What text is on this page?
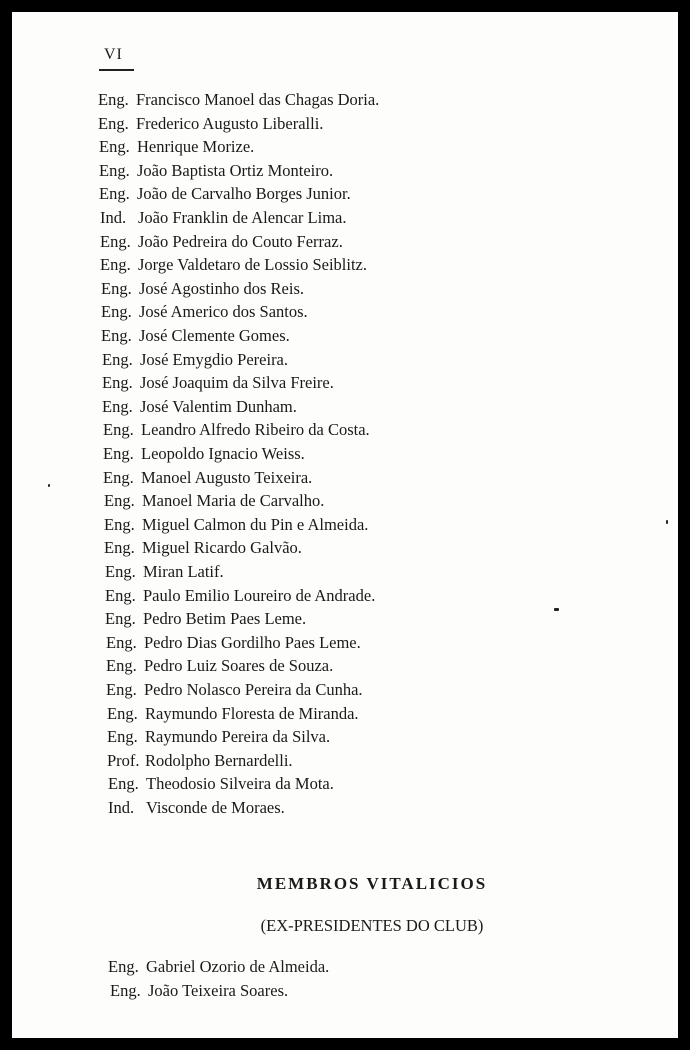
VI
Eng. Francisco Manoel das Chagas Doria.
Eng. Frederico Augusto Liberalli.
Eng. Henrique Morize.
Eng. João Baptista Ortiz Monteiro.
Eng. João de Carvalho Borges Junior.
Ind. João Franklin de Alencar Lima.
Eng. João Pedreira do Couto Ferraz.
Eng. Jorge Valdetaro de Lossio Seiblitz.
Eng. José Agostinho dos Reis.
Eng. José Americo dos Santos.
Eng. José Clemente Gomes.
Eng. José Emygdio Pereira.
Eng. José Joaquim da Silva Freire.
Eng. José Valentim Dunham.
Eng. Leandro Alfredo Ribeiro da Costa.
Eng. Leopoldo Ignacio Weiss.
Eng. Manoel Augusto Teixeira.
Eng. Manoel Maria de Carvalho.
Eng. Miguel Calmon du Pin e Almeida.
Eng. Miguel Ricardo Galvão.
Eng. Miran Latif.
Eng. Paulo Emilio Loureiro de Andrade.
Eng. Pedro Betim Paes Leme.
Eng. Pedro Dias Gordilho Paes Leme.
Eng. Pedro Luiz Soares de Souza.
Eng. Pedro Nolasco Pereira da Cunha.
Eng. Raymundo Floresta de Miranda.
Eng. Raymundo Pereira da Silva.
Prof. Rodolpho Bernardelli.
Eng. Theodosio Silveira da Mota.
Ind. Visconde de Moraes.
MEMBROS VITALICIOS
(EX-PRESIDENTES DO CLUB)
Eng. Gabriel Ozorio de Almeida.
Eng. João Teixeira Soares.
